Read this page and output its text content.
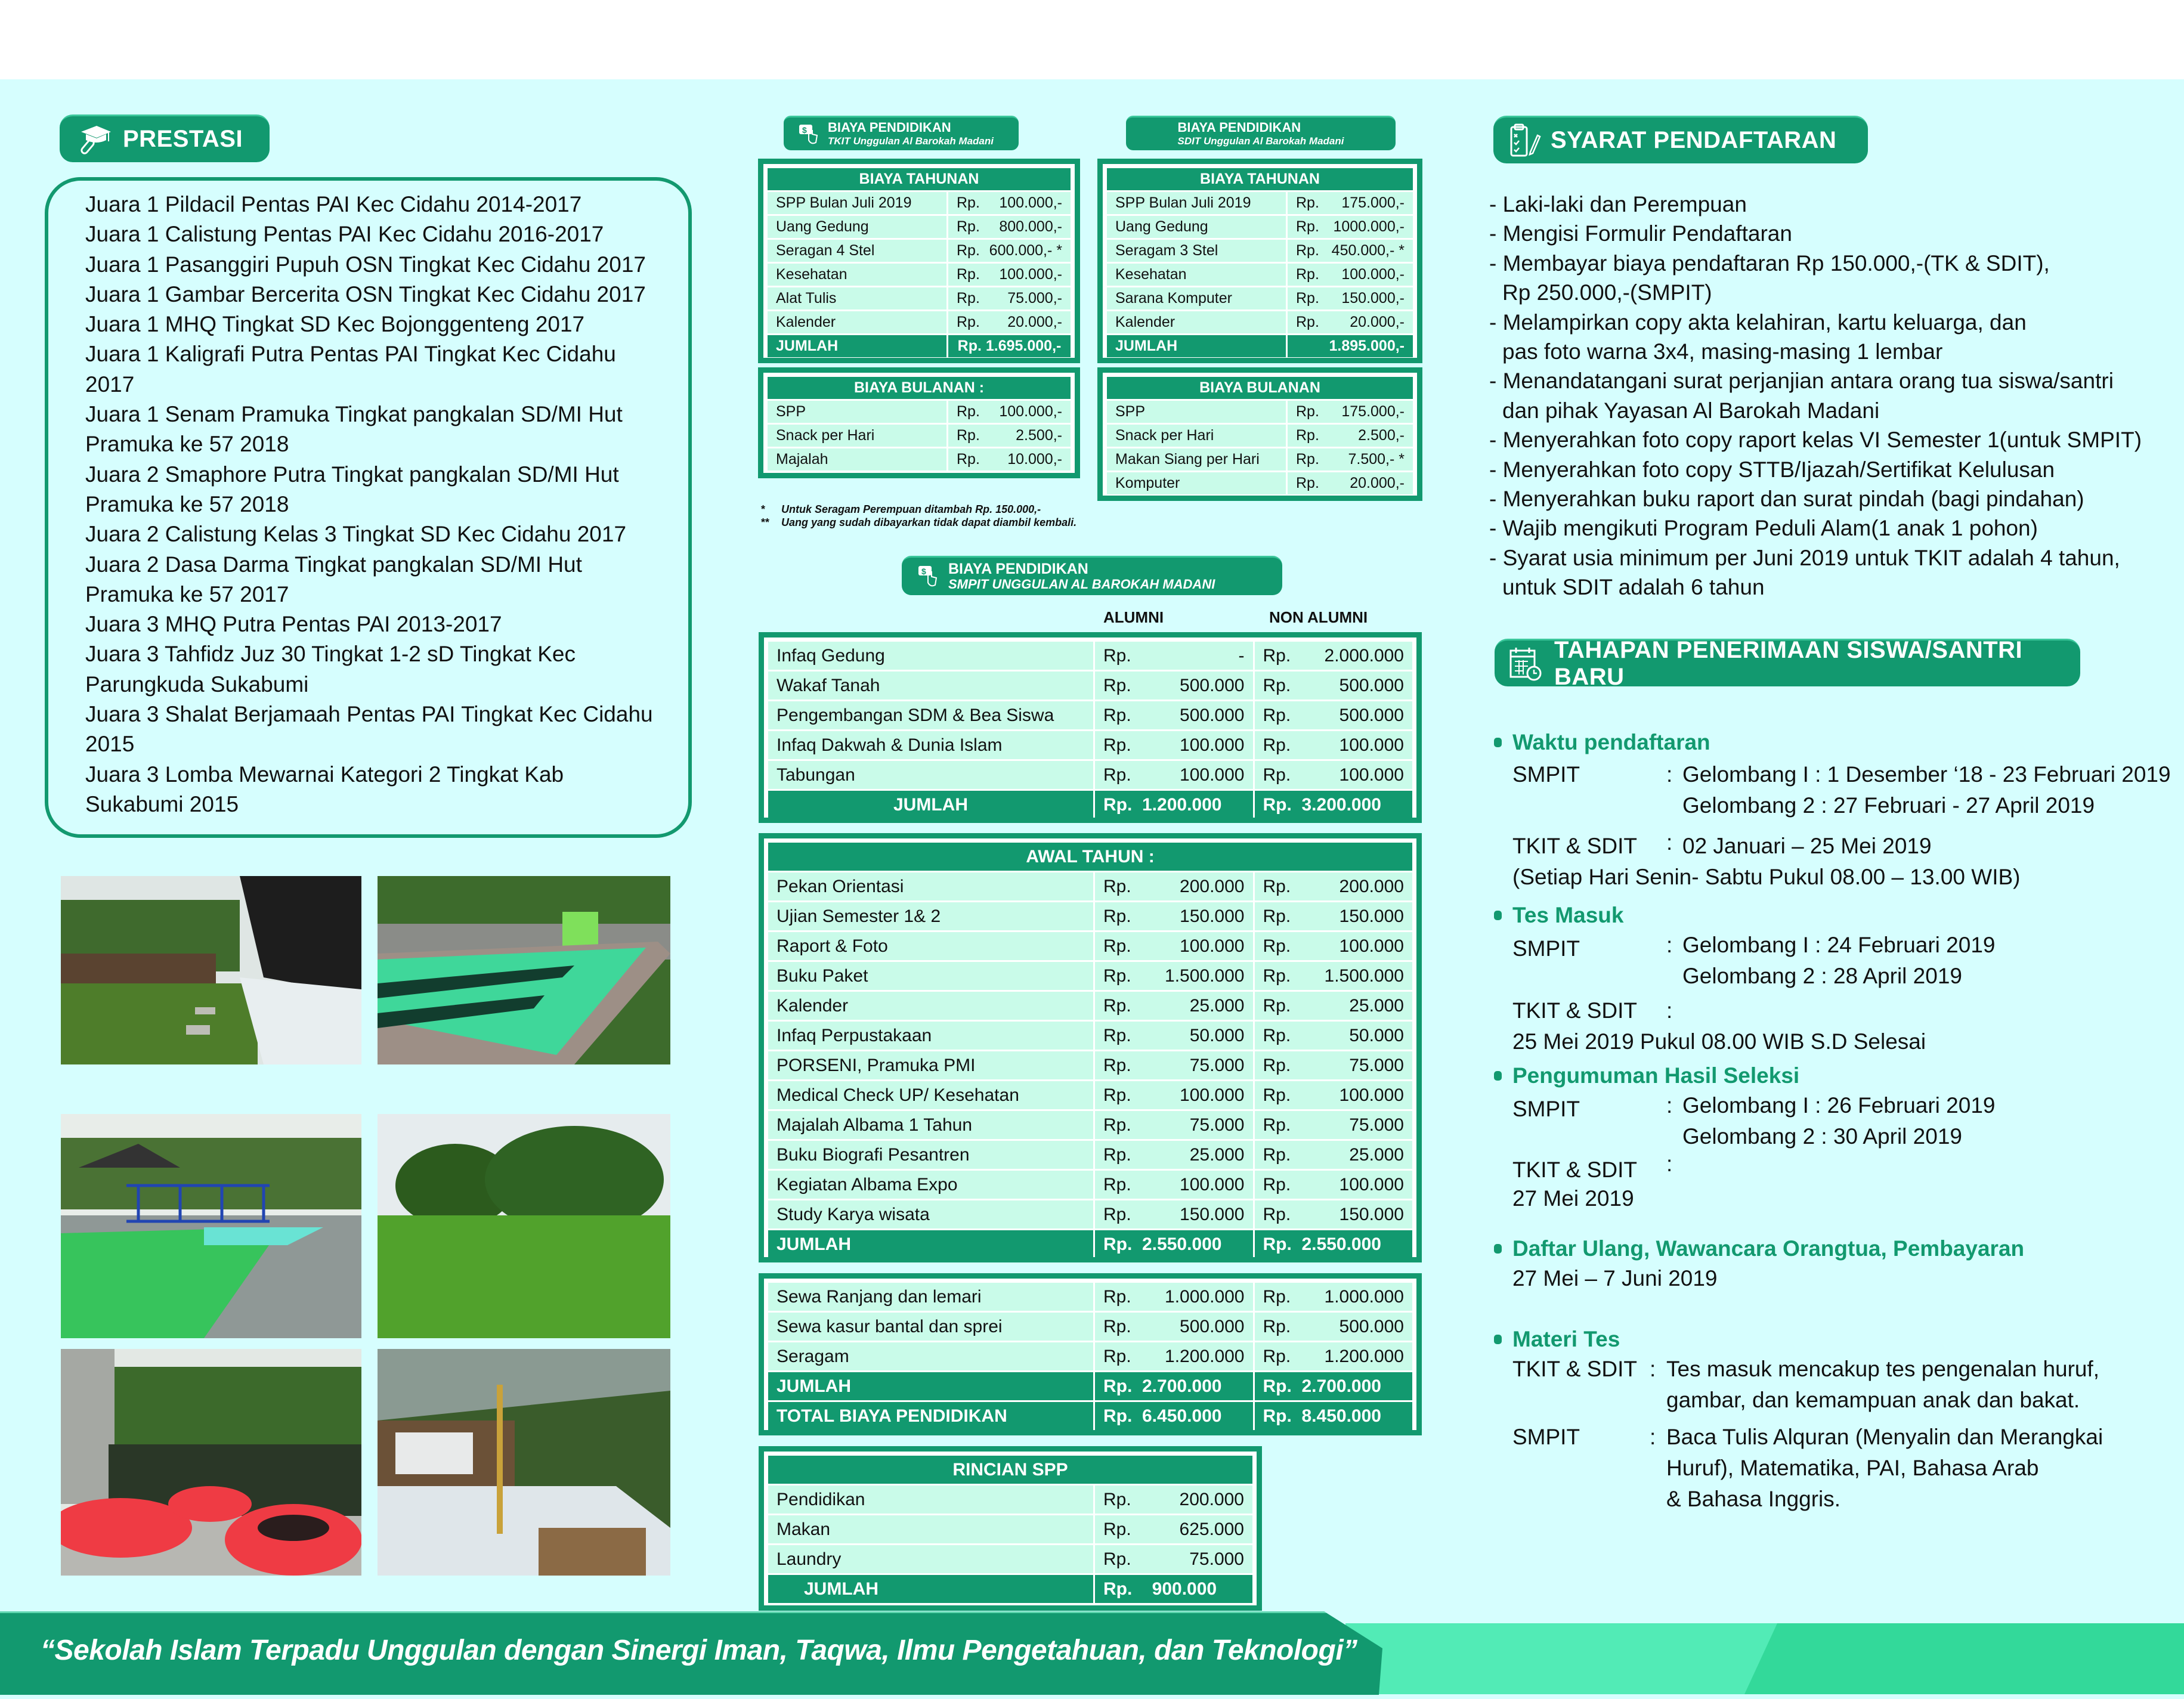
PRESTASI
Juara 1 Pildacil Pentas PAI Kec Cidahu 2014-2017
Juara 1 Calistung Pentas PAI Kec Cidahu 2016-2017
Juara 1 Pasanggiri Pupuh OSN Tingkat Kec Cidahu 2017
Juara 1 Gambar Bercerita OSN Tingkat Kec Cidahu 2017
Juara 1 MHQ Tingkat SD Kec Bojonggenteng 2017
Juara 1 Kaligrafi Putra Pentas PAI Tingkat Kec Cidahu 2017
Juara 1 Senam Pramuka Tingkat pangkalan SD/MI Hut Pramuka ke 57 2018
Juara 2 Smaphore Putra Tingkat pangkalan SD/MI Hut Pramuka ke 57 2018
Juara 2 Calistung Kelas 3 Tingkat SD Kec Cidahu 2017
Juara 2 Dasa Darma Tingkat pangkalan SD/MI Hut Pramuka ke 57 2017
Juara 3 MHQ Putra Pentas PAI 2013-2017
Juara 3 Tahfidz Juz 30 Tingkat 1-2 sD Tingkat Kec Parungkuda Sukabumi
Juara 3 Shalat Berjamaah Pentas PAI Tingkat Kec Cidahu 2015
Juara 3 Lomba Mewarnai Kategori 2 Tingkat Kab Sukabumi 2015
$ BIAYA PENDIDIKAN
TKIT Unggulan Al Barokah Madani
BIAYA TAHUNAN	
SPP Bulan Juli 2019	Rp. 100.000,-

Uang Gedung	Rp. 800.000,-

Seragan 4 Stel	Rp. 600.000,- *

Kesehatan	Rp. 100.000,-

Alat Tulis	Rp. 75.000,-

Kalender	Rp. 20.000,-

JUMLAH	Rp. 1.695.000,-
BIAYA BULANAN :	
SPP	Rp. 100.000,-

Snack per Hari	Rp. 2.500,-

Majalah	Rp. 10.000,-
BIAYA PENDIDIKAN
SDIT Unggulan Al Barokah Madani
BIAYA TAHUNAN	
SPP Bulan Juli 2019	Rp. 175.000,-

Uang Gedung	Rp. 1000.000,-

Seragam 3 Stel	Rp. 450.000,- *

Kesehatan	Rp. 100.000,-

Sarana Komputer	Rp. 150.000,-

Kalender	Rp. 20.000,-

JUMLAH	1.895.000,-
BIAYA BULANAN	
SPP	Rp. 175.000,-

Snack per Hari	Rp. 2.500,-

Makan Siang per Hari	Rp. 7.500,- *

Komputer	Rp. 20.000,-
* Untuk Seragam Perempuan ditambah Rp. 150.000,-
** Uang yang sudah dibayarkan tidak dapat diambil kembali.
$ BIAYA PENDIDIKAN
SMPIT UNGGULAN AL BAROKAH MADANI
ALUMNI	NON ALUMNI
Infaq Gedung	Rp. -	Rp. 2.000.000

Wakaf Tanah	Rp. 500.000	Rp. 500.000

Pengembangan SDM & Bea Siswa	Rp. 500.000	Rp. 500.000

Infaq Dakwah & Dunia Islam	Rp. 100.000	Rp. 100.000

Tabungan	Rp. 100.000	Rp. 100.000

JUMLAH	Rp.  1.200.000	Rp.  3.200.000
AWAL TAHUN :		
Pekan Orientasi	Rp. 200.000	Rp. 200.000

Ujian Semester 1& 2	Rp. 150.000	Rp. 150.000

Raport & Foto	Rp. 100.000	Rp. 100.000

Buku Paket	Rp. 1.500.000	Rp. 1.500.000

Kalender	Rp. 25.000	Rp. 25.000

Infaq Perpustakaan	Rp. 50.000	Rp. 50.000

PORSENI, Pramuka PMI	Rp. 75.000	Rp. 75.000

Medical Check UP/ Kesehatan	Rp. 100.000	Rp. 100.000

Majalah Albama 1 Tahun	Rp. 75.000	Rp. 75.000

Buku Biografi Pesantren	Rp. 25.000	Rp. 25.000

Kegiatan Albama Expo	Rp. 100.000	Rp. 100.000

Study Karya wisata	Rp. 150.000	Rp. 150.000

JUMLAH	Rp.  2.550.000	Rp.  2.550.000
Sewa Ranjang dan lemari	Rp. 1.000.000	Rp. 1.000.000

Sewa kasur bantal dan sprei	Rp. 500.000	Rp. 500.000

Seragam	Rp. 1.200.000	Rp. 1.200.000

JUMLAH	Rp.  2.700.000	Rp.  2.700.000
TOTAL BIAYA PENDIDIKAN	Rp.  6.450.000	Rp.  8.450.000
RINCIAN SPP	
Pendidikan	Rp. 200.000

Makan	Rp. 625.000

Laundry	Rp. 75.000

JUMLAH	Rp.    900.000
SYARAT PENDAFTARAN
- Laki-laki dan Perempuan
- Mengisi Formulir Pendaftaran
- Membayar biaya pendaftaran Rp 150.000,-(TK & SDIT),
Rp 250.000,-(SMPIT)
- Melampirkan copy akta kelahiran, kartu keluarga, dan
pas foto warna 3x4, masing-masing 1 lembar
- Menandatangani surat perjanjian antara orang tua siswa/santri
dan pihak Yayasan Al Barokah Madani
- Menyerahkan foto copy raport kelas VI Semester 1(untuk SMPIT)
- Menyerahkan foto copy STTB/Ijazah/Sertifikat Kelulusan
- Menyerahkan buku raport dan surat pindah (bagi pindahan)
- Wajib mengikuti Program Peduli Alam(1 anak 1 pohon)
- Syarat usia minimum per Juni 2019 untuk TKIT adalah 4 tahun,
untuk SDIT adalah 6 tahun
TAHAPAN PENERIMAAN SISWA/SANTRI BARU
Waktu pendaftaran
SMPIT	: Gelombang I : 1 Desember ‘18 - 23 Februari 2019
Gelombang 2 : 27 Februari - 27 April 2019
TKIT & SDIT : 02 Januari – 25 Mei 2019
(Setiap Hari Senin- Sabtu Pukul 08.00 – 13.00 WIB)
Tes Masuk
SMPIT	: Gelombang I : 24 Februari 2019
Gelombang 2 : 28 April 2019
TKIT & SDIT :
25 Mei 2019 Pukul 08.00 WIB S.D Selesai
Pengumuman Hasil Seleksi
SMPIT	: Gelombang I : 26 Februari 2019
Gelombang 2 : 30 April 2019
TKIT & SDIT :
27 Mei 2019
Daftar Ulang, Wawancara Orangtua, Pembayaran
27 Mei – 7 Juni 2019
Materi Tes
TKIT & SDIT : Tes masuk mencakup tes pengenalan huruf,
gambar, dan kemampuan anak dan bakat.
SMPIT	: Baca Tulis Alquran (Menyalin dan Merangkai
Huruf), Matematika, PAI, Bahasa Arab
& Bahasa Inggris.
“Sekolah Islam Terpadu Unggulan dengan Sinergi Iman, Taqwa, Ilmu Pengetahuan, dan Teknologi”
